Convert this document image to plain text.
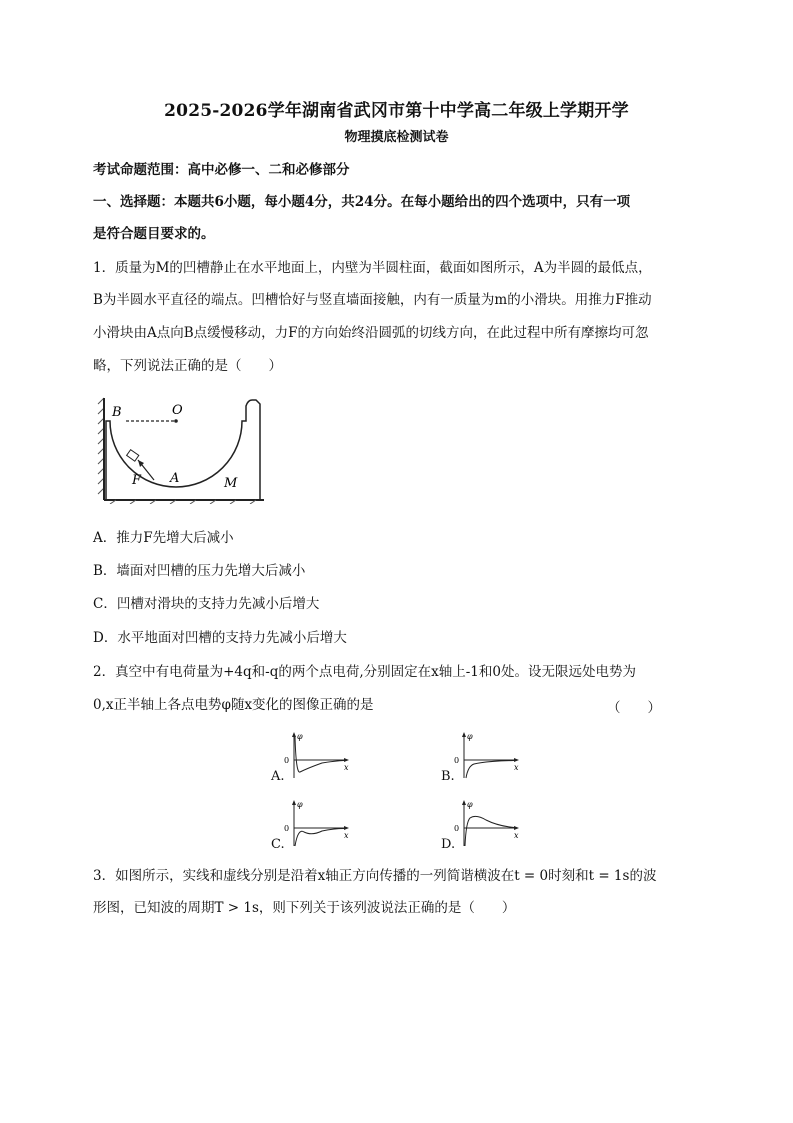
2025-2026学年湖南省武冈市第十中学高二年级上学期开学
物理摸底检测试卷
考试命题范围：高中必修一、二和必修部分
一、选择题：本题共6小题，每小题4分，共24分。在每小题给出的四个选项中，只有一项
是符合题目要求的。
1．质量为M的凹槽静止在水平地面上，内壁为半圆柱面，截面如图所示，A为半圆的最低点，
B为半圆水平直径的端点。凹槽恰好与竖直墙面接触，内有一质量为m的小滑块。用推力F推动
小滑块由A点向B点缓慢移动，力F的方向始终沿圆弧的切线方向，在此过程中所有摩擦均可忽
略，下列说法正确的是（　　）
B	O
A
F	M
A．推力F先增大后减小
B．墙面对凹槽的压力先增大后减小
C．凹槽对滑块的支持力先减小后增大
D．水平地面对凹槽的支持力先减小后增大
2．真空中有电荷量为+4q和-q的两个点电荷,分别固定在x轴上-1和0处。设无限远处电势为
0,x正半轴上各点电势φ随x变化的图像正确的是	（　　）
A.
φ
0
x
B.
φ
0
x
C.
φ
0
x
D.
φ
0
x
3．如图所示，实线和虚线分别是沿着x轴正方向传播的一列简谐横波在t = 0时刻和t = 1s的波
形图，已知波的周期T > 1s，则下列关于该列波说法正确的是（　　）
